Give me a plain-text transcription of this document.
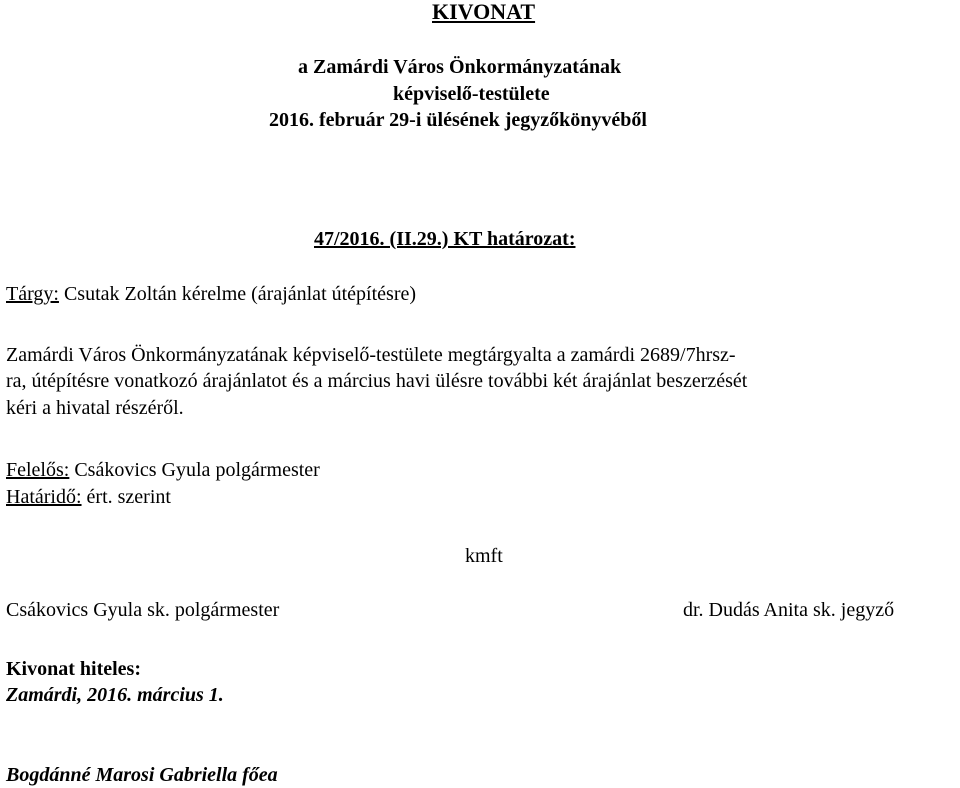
KIVONAT
a Zamárdi Város Önkormányzatának
képviselő-testülete
2016. február 29-i ülésének jegyzőkönyvéből
47/2016. (II.29.) KT határozat:
Tárgy: Csutak Zoltán kérelme (árajánlat útépítésre)
Zamárdi Város Önkormányzatának képviselő-testülete megtárgyalta a zamárdi 2689/7hrsz-
ra, útépítésre vonatkozó árajánlatot és a március havi ülésre további két árajánlat beszerzését
kéri a hivatal részéről.
Felelős: Csákovics Gyula polgármester
Határidő: ért. szerint
kmft
Csákovics Gyula sk. polgármester	dr. Dudás Anita sk. jegyző
Kivonat hiteles:
Zamárdi, 2016. március 1.
Bogdánné Marosi Gabriella főea
